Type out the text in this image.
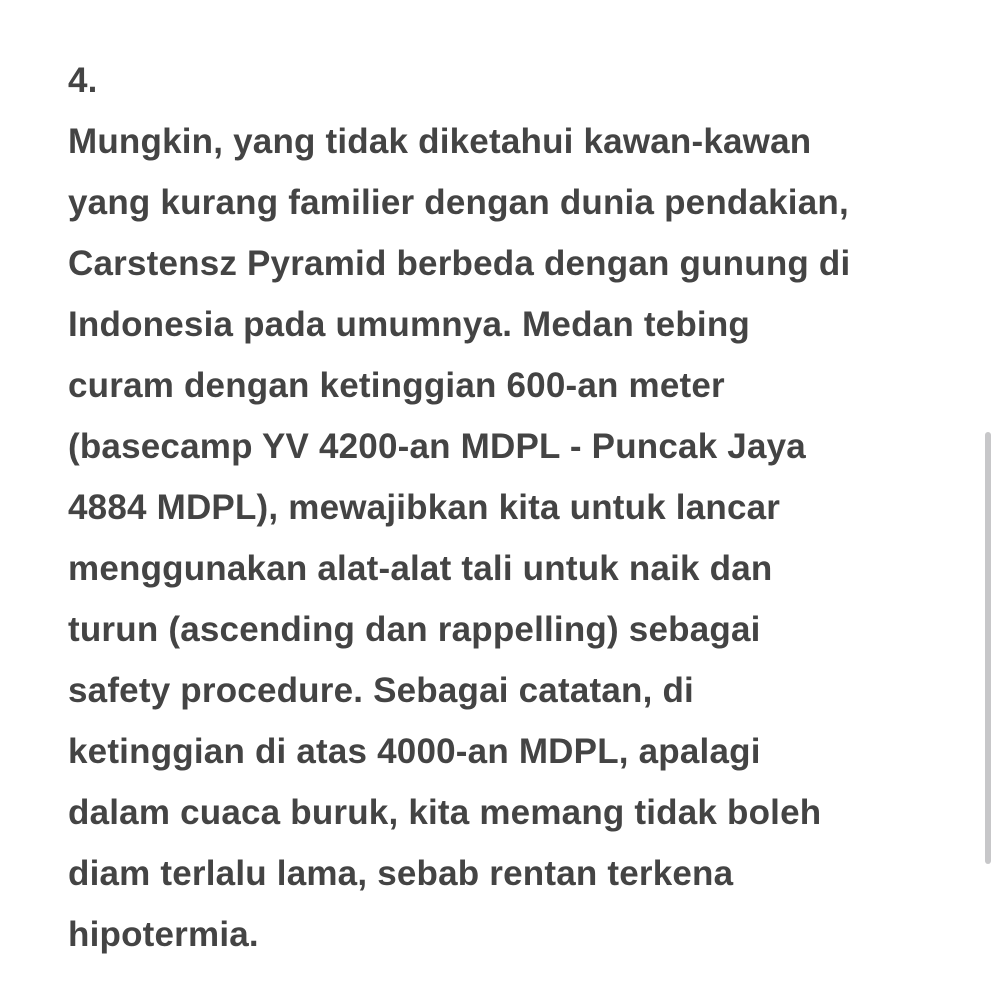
4.
Mungkin, yang tidak diketahui kawan-kawan
yang kurang familier dengan dunia pendakian,
Carstensz Pyramid berbeda dengan gunung di
Indonesia pada umumnya. Medan tebing
curam dengan ketinggian 600-an meter
(basecamp YV 4200-an MDPL - Puncak Jaya
4884 MDPL), mewajibkan kita untuk lancar
menggunakan alat-alat tali untuk naik dan
turun (ascending dan rappelling) sebagai
safety procedure. Sebagai catatan, di
ketinggian di atas 4000-an MDPL, apalagi
dalam cuaca buruk, kita memang tidak boleh
diam terlalu lama, sebab rentan terkena
hipotermia.
